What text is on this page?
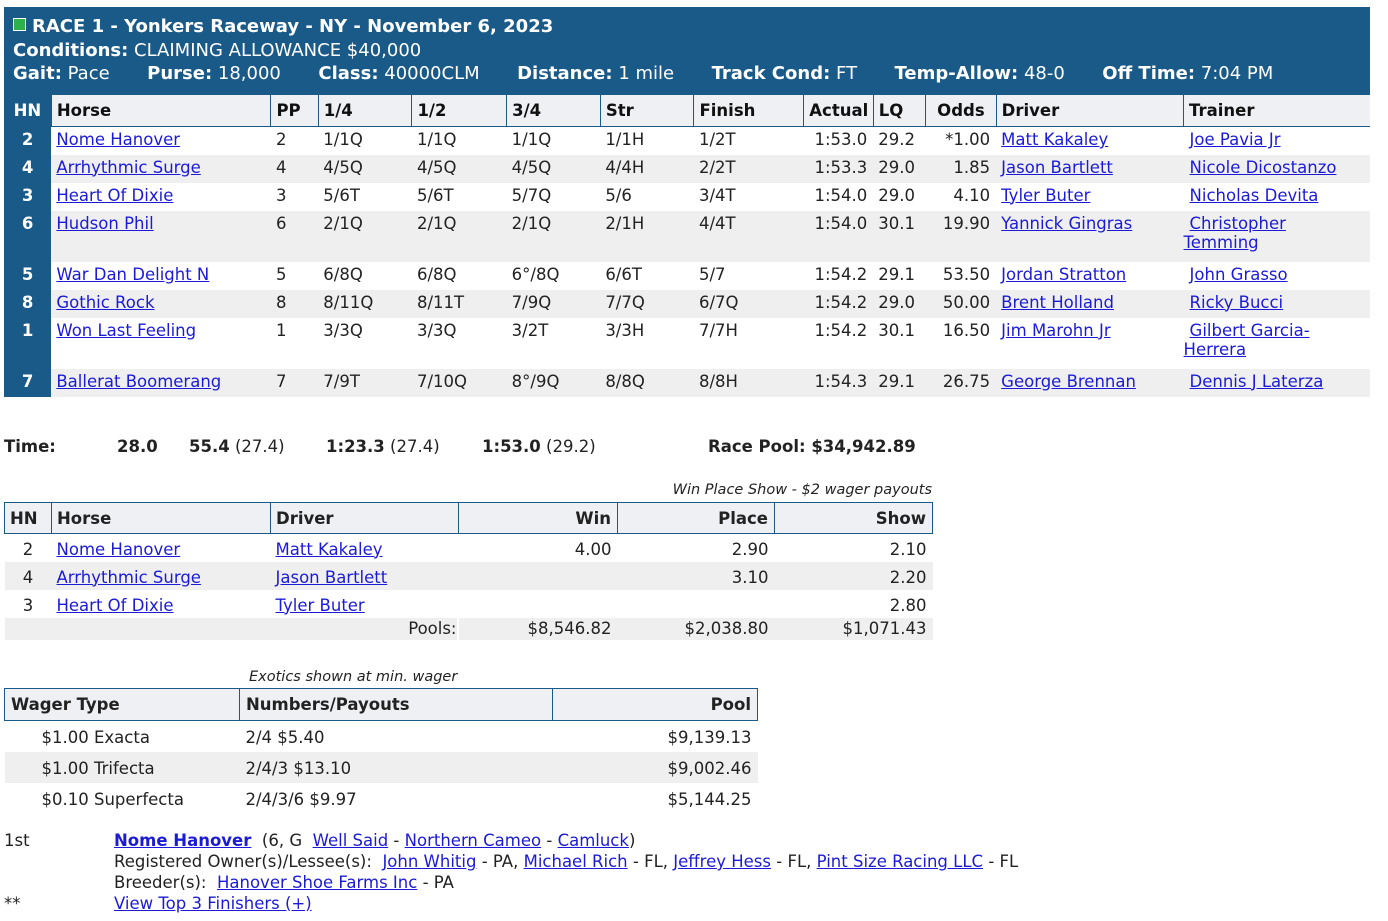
RACE 1 - Yonkers Raceway - NY - November 6, 2023
Conditions: CLAIMING ALLOWANCE $40,000
Gait: Pace Purse: 18,000 Class: 40000CLM Distance: 1 mile Track Cond: FT Temp-Allow: 48-0 Off Time: 7:04 PM
HN	Horse	PP	1/4	1/2	3/4	Str	Finish	Actual	LQ	Odds	Driver	Trainer
2	Nome Hanover	2	1/1Q	1/1Q	1/1Q	1/1H	1/2T	1:53.0	29.2	*1.00	Matt Kakaley	Joe Pavia Jr
4	Arrhythmic Surge	4	4/5Q	4/5Q	4/5Q	4/4H	2/2T	1:53.3	29.0	1.85	Jason Bartlett	Nicole Dicostanzo
3	Heart Of Dixie	3	5/6T	5/6T	5/7Q	5/6	3/4T	1:54.0	29.0	4.10	Tyler Buter	Nicholas Devita
6	Hudson Phil	6	2/1Q	2/1Q	2/1Q	2/1H	4/4T	1:54.0	30.1	19.90	Yannick Gingras	Christopher
Temming
5	War Dan Delight N	5	6/8Q	6/8Q	6°/8Q	6/6T	5/7	1:54.2	29.1	53.50	Jordan Stratton	John Grasso
8	Gothic Rock	8	8/11Q	8/11T	7/9Q	7/7Q	6/7Q	1:54.2	29.0	50.00	Brent Holland	Ricky Bucci
1	Won Last Feeling	1	3/3Q	3/3Q	3/2T	3/3H	7/7H	1:54.2	30.1	16.50	Jim Marohn Jr	Gilbert Garcia-
Herrera
7	Ballerat Boomerang	7	7/9T	7/10Q	8°/9Q	8/8Q	8/8H	1:54.3	29.1	26.75	George Brennan	Dennis J Laterza
Time:	28.0 55.4 (27.4)	1:23.3 (27.4)	1:53.0 (29.2)	Race Pool: $34,942.89
Win Place Show - $2 wager payouts
HN	Horse	Driver	Win	Place	Show
2	Nome Hanover	Matt Kakaley	4.00	2.90	2.10
4	Arrhythmic Surge	Jason Bartlett		3.10	2.20
3	Heart Of Dixie	Tyler Buter			2.80
		Pools:	$8,546.82	$2,038.80	$1,071.43
Exotics shown at min. wager
Wager Type	Numbers/Payouts	Pool
$1.00 Exacta	2/4 $5.40	$9,139.13
$1.00 Trifecta	2/4/3 $13.10	$9,002.46
$0.10 Superfecta	2/4/3/6 $9.97	$5,144.25
1st	Nome Hanover (6, G Well Said - Northern Cameo - Camluck)
Registered Owner(s)/Lessee(s): John Whitig - PA, Michael Rich - FL, Jeffrey Hess - FL, Pint Size Racing LLC - FL
Breeder(s): Hanover Shoe Farms Inc - PA
**	View Top 3 Finishers (+)
